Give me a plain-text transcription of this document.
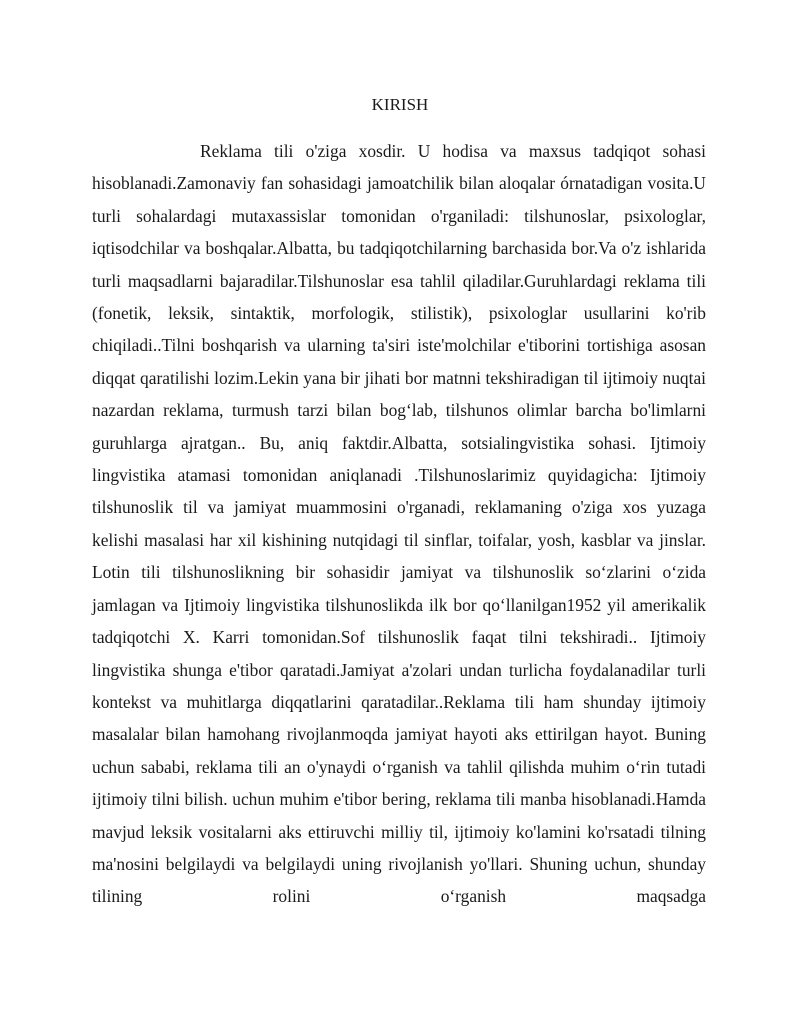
KIRISH

Reklama tili o'ziga xosdir. U hodisa va maxsus tadqiqot sohasi hisoblanadi.Zamonaviy fan sohasidagi jamoatchilik bilan aloqalar órnatadigan vosita.U turli sohalardagi mutaxassislar tomonidan o'rganiladi: tilshunoslar, psixologlar, iqtisodchilar va boshqalar.Albatta, bu tadqiqotchilarning barchasida bor.Va o'z ishlarida turli maqsadlarni bajaradilar.Tilshunoslar esa tahlil qiladilar.Guruhlardagi reklama tili (fonetik, leksik, sintaktik, morfologik, stilistik), psixologlar usullarini ko'rib chiqiladi..Tilni boshqarish va ularning ta'siri iste'molchilar e'tiborini tortishiga asosan diqqat qaratilishi lozim.Lekin yana bir jihati bor matnni tekshiradigan til ijtimoiy nuqtai nazardan reklama, turmush tarzi bilan bog‘lab, tilshunos olimlar barcha bo'limlarni guruhlarga ajratgan.. Bu, aniq faktdir.Albatta, sotsialingvistika sohasi. Ijtimoiy lingvistika atamasi tomonidan aniqlanadi .Tilshunoslarimiz quyidagicha: Ijtimoiy tilshunoslik til va jamiyat muammosini o'rganadi, reklamaning o'ziga xos yuzaga kelishi masalasi har xil kishining nutqidagi til sinflar, toifalar, yosh, kasblar va jinslar. Lotin tili tilshunoslikning bir sohasidir jamiyat va tilshunoslik so‘zlarini o‘zida jamlagan va Ijtimoiy lingvistika tilshunoslikda ilk bor qo‘llanilgan1952 yil amerikalik tadqiqotchi X. Karri tomonidan.Sof tilshunoslik faqat tilni tekshiradi.. Ijtimoiy lingvistika shunga e'tibor qaratadi.Jamiyat a'zolari undan turlicha foydalanadilar turli kontekst va muhitlarga diqqatlarini qaratadilar..Reklama tili ham shunday ijtimoiy masalalar bilan hamohang rivojlanmoqda jamiyat hayoti aks ettirilgan hayot. Buning uchun sababi, reklama tili an o'ynaydi o‘rganish va tahlil qilishda muhim o‘rin tutadi ijtimoiy tilni bilish. uchun muhim e'tibor bering, reklama tili manba hisoblanadi.Hamda mavjud leksik vositalarni aks ettiruvchi milliy til, ijtimoiy ko'lamini ko'rsatadi tilning ma'nosini belgilaydi va belgilaydi uning rivojlanish yo'llari. Shuning uchun, shunday tilining rolini o‘rganish maqsadga
